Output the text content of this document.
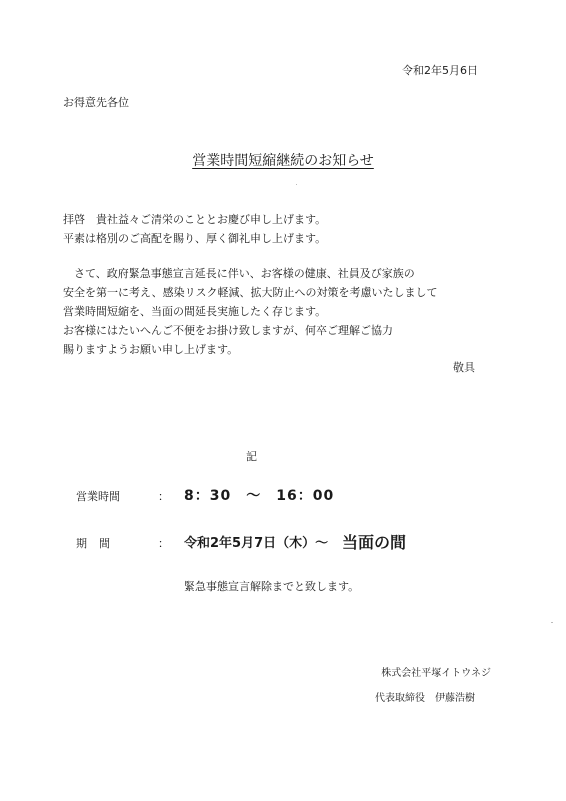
令和2年5月6日
お得意先各位
営業時間短縮継続のお知らせ
拝啓　貴社益々ご清栄のこととお慶び申し上げます。
平素は格別のご高配を賜り、厚く御礼申し上げます。
　さて、政府緊急事態宣言延長に伴い、お客様の健康、社員及び家族の
安全を第一に考え、感染リスク軽減、拡大防止への対策を考慮いたしまして
営業時間短縮を、当面の間延長実施したく存じます。
お客様にはたいへんご不便をお掛け致しますが、何卒ご理解ご協力
賜りますようお願い申し上げます。
敬具
記
営業時間	： 8：30　～　16：00
期間	： 令和2年5月7日（木）～ 当面の間
緊急事態宣言解除までと致します。
株式会社平塚イトウネジ
代表取締役　伊藤浩樹
